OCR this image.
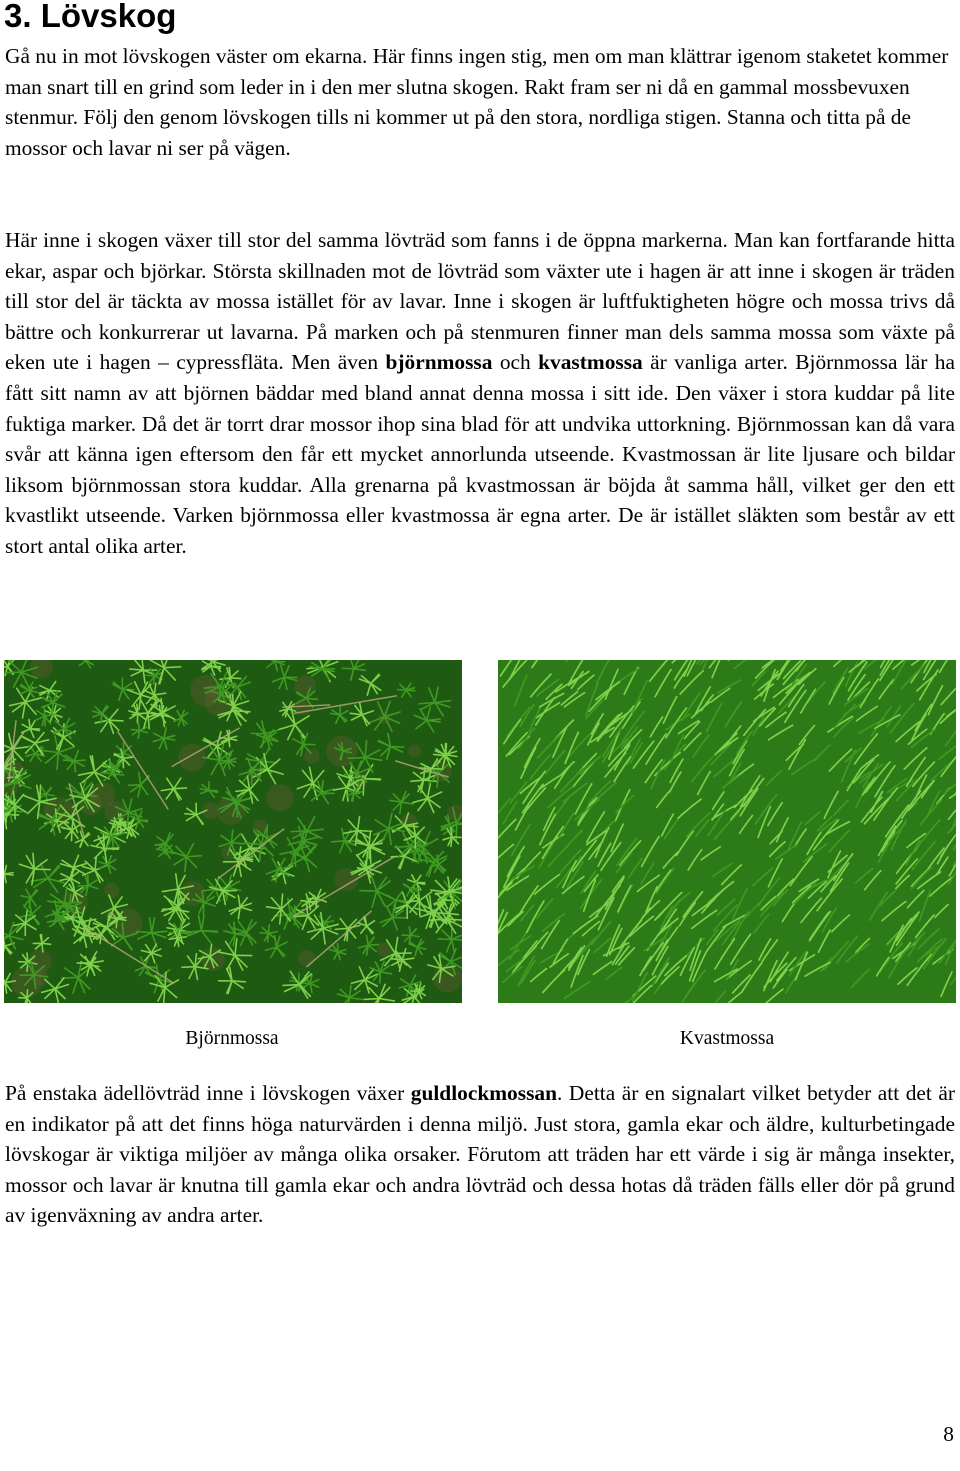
3. Lövskog

Gå nu in mot lövskogen väster om ekarna. Här finns ingen stig, men om man klättrar igenom staketet kommer man snart till en grind som leder in i den mer slutna skogen. Rakt fram ser ni då en gammal mossbevuxen stenmur. Följ den genom lövskogen tills ni kommer ut på den stora, nordliga stigen. Stanna och titta på de mossor och lavar ni ser på vägen.

Här inne i skogen växer till stor del samma lövträd som fanns i de öppna markerna. Man kan fortfarande hitta ekar, aspar och björkar. Största skillnaden mot de lövträd som växter ute i hagen är att inne i skogen är träden till stor del är täckta av mossa istället för av lavar. Inne i skogen är luftfuktigheten högre och mossa trivs då bättre och konkurrerar ut lavarna. På marken och på stenmuren finner man dels samma mossa som växte på eken ute i hagen – cypressfläta. Men även björnmossa och kvastmossa är vanliga arter. Björnmossa lär ha fått sitt namn av att björnen bäddar med bland annat denna mossa i sitt ide. Den växer i stora kuddar på lite fuktiga marker. Då det är torrt drar mossor ihop sina blad för att undvika uttorkning. Björnmossan kan då vara svår att känna igen eftersom den får ett mycket annorlunda utseende. Kvastmossan är lite ljusare och bildar liksom björnmossan stora kuddar. Alla grenarna på kvastmossan är böjda åt samma håll, vilket ger den ett kvastlikt utseende. Varken björnmossa eller kvastmossa är egna arter. De är istället släkten som består av ett stort antal olika arter.

Björnmossa	Kvastmossa

På enstaka ädellövträd inne i lövskogen växer guldlockmossan. Detta är en signalart vilket betyder att det är en indikator på att det finns höga naturvärden i denna miljö. Just stora, gamla ekar och äldre, kulturbetingade lövskogar är viktiga miljöer av många olika orsaker. Förutom att träden har ett värde i sig är många insekter, mossor och lavar är knutna till gamla ekar och andra lövträd och dessa hotas då träden fälls eller dör på grund av igenväxning av andra arter.

8
